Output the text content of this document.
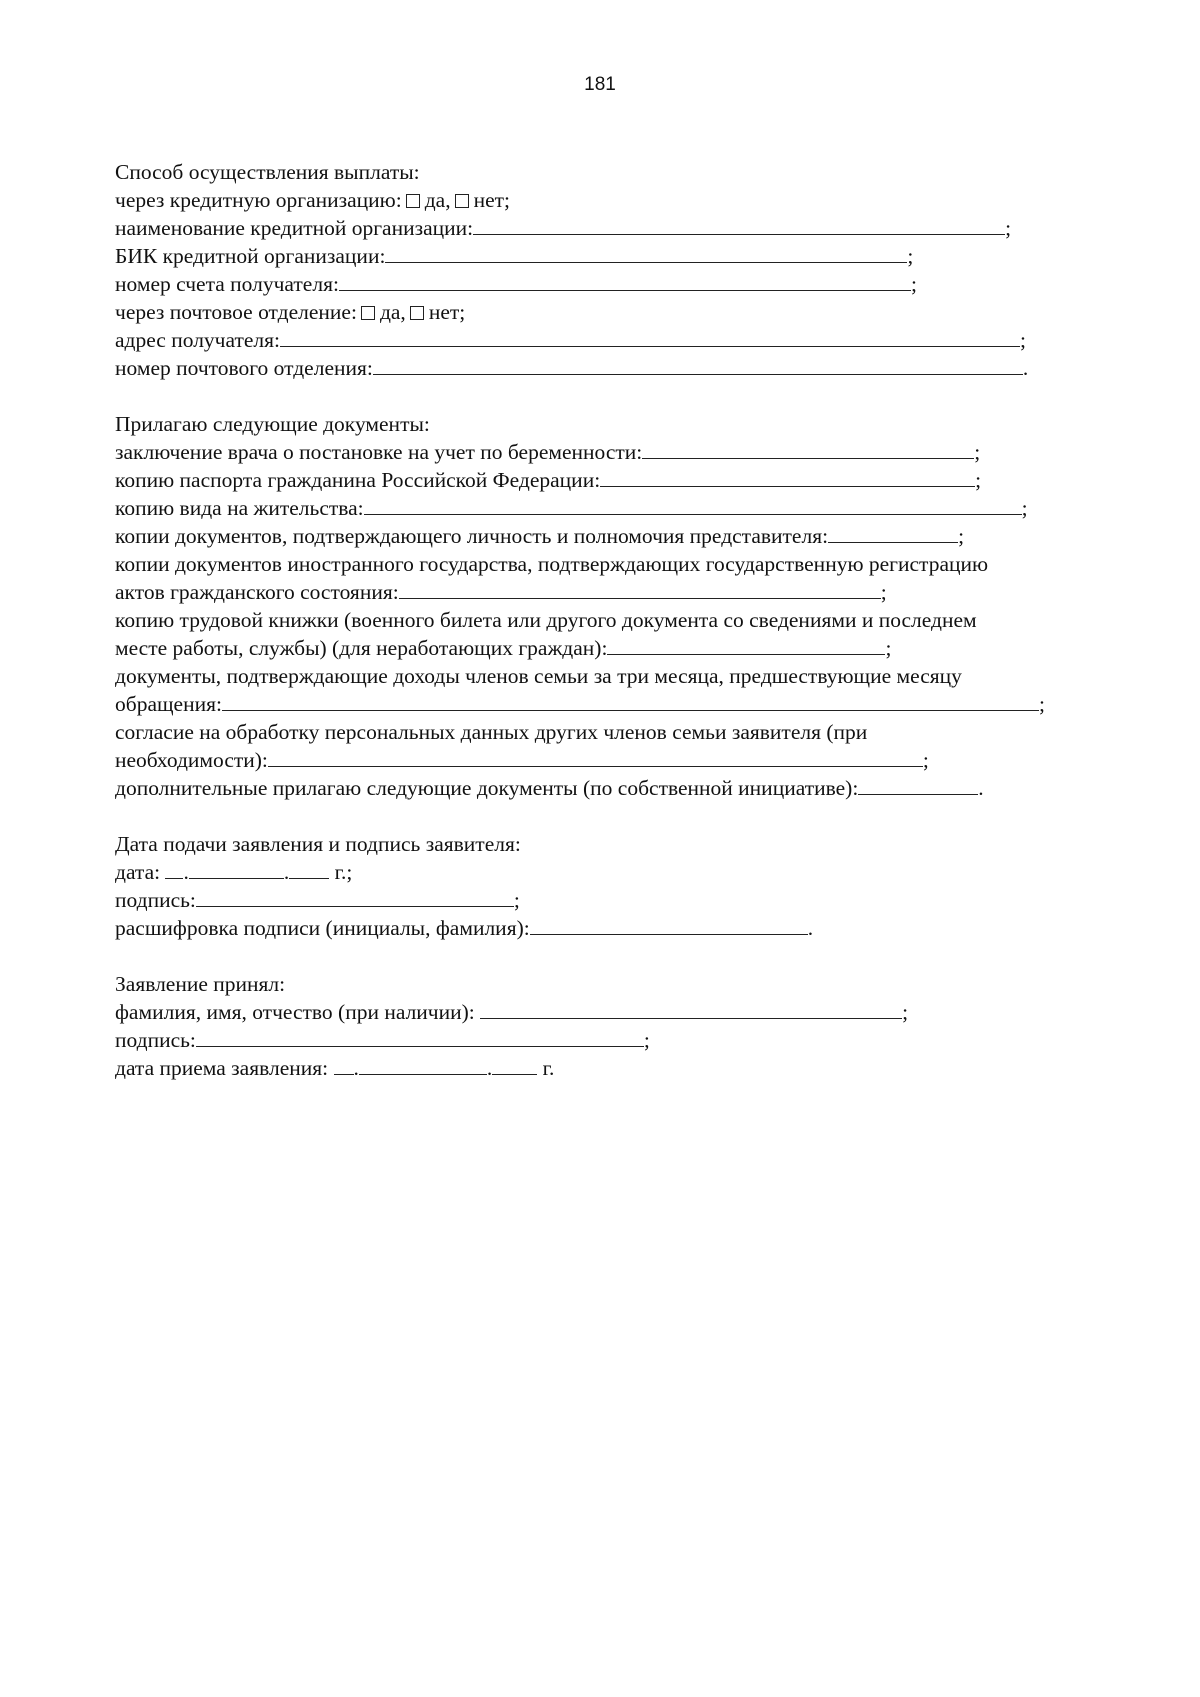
181
Способ осуществления выплаты:
через кредитную организацию: да, нет;
наименование кредитной организации:	;
БИК кредитной организации:	;
номер счета получателя:	;
через почтовое отделение: да, нет;
адрес получателя:	;
номер почтового отделения:	.
Прилагаю следующие документы:
заключение врача о постановке на учет по беременности:	;
копию паспорта гражданина Российской Федерации:	;
копию вида на жительства:	;
копии документов, подтверждающего личность и полномочия представителя:	;
копии документов иностранного государства, подтверждающих государственную регистрацию
актов гражданского состояния:	;
копию трудовой книжки (военного билета или другого документа со сведениями и последнем
месте работы, службы) (для неработающих граждан):	;
документы, подтверждающие доходы членов семьи за три месяца, предшествующие месяцу
обращения:	;
согласие на обработку персональных данных других членов семьи заявителя (при
необходимости):	;
дополнительные прилагаю следующие документы (по собственной инициативе):	.
Дата подачи заявления и подпись заявителя:
дата:
.	.
г.;
подпись:	;
расшифровка подписи (инициалы, фамилия):	.
Заявление принял:
фамилия, имя, отчество (при наличии):
	;
подпись:	;
дата приема заявления:
.	.
г.
